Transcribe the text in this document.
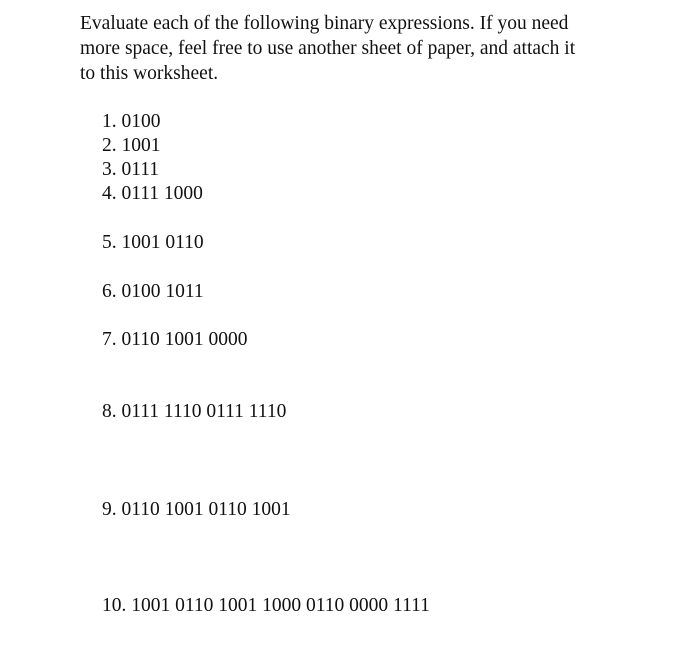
Evaluate each of the following binary expressions. If you need
more space, feel free to use another sheet of paper, and attach it
to this worksheet.

1. 0100

2. 1001

3. 0111

4. 0111 1000

5. 1001 0110

6. 0100 1011

7. 0110 1001 0000

8. 0111 1110 0111 1110

9. 0110 1001 0110 1001

10. 1001 0110 1001 1000 0110 0000 1111
